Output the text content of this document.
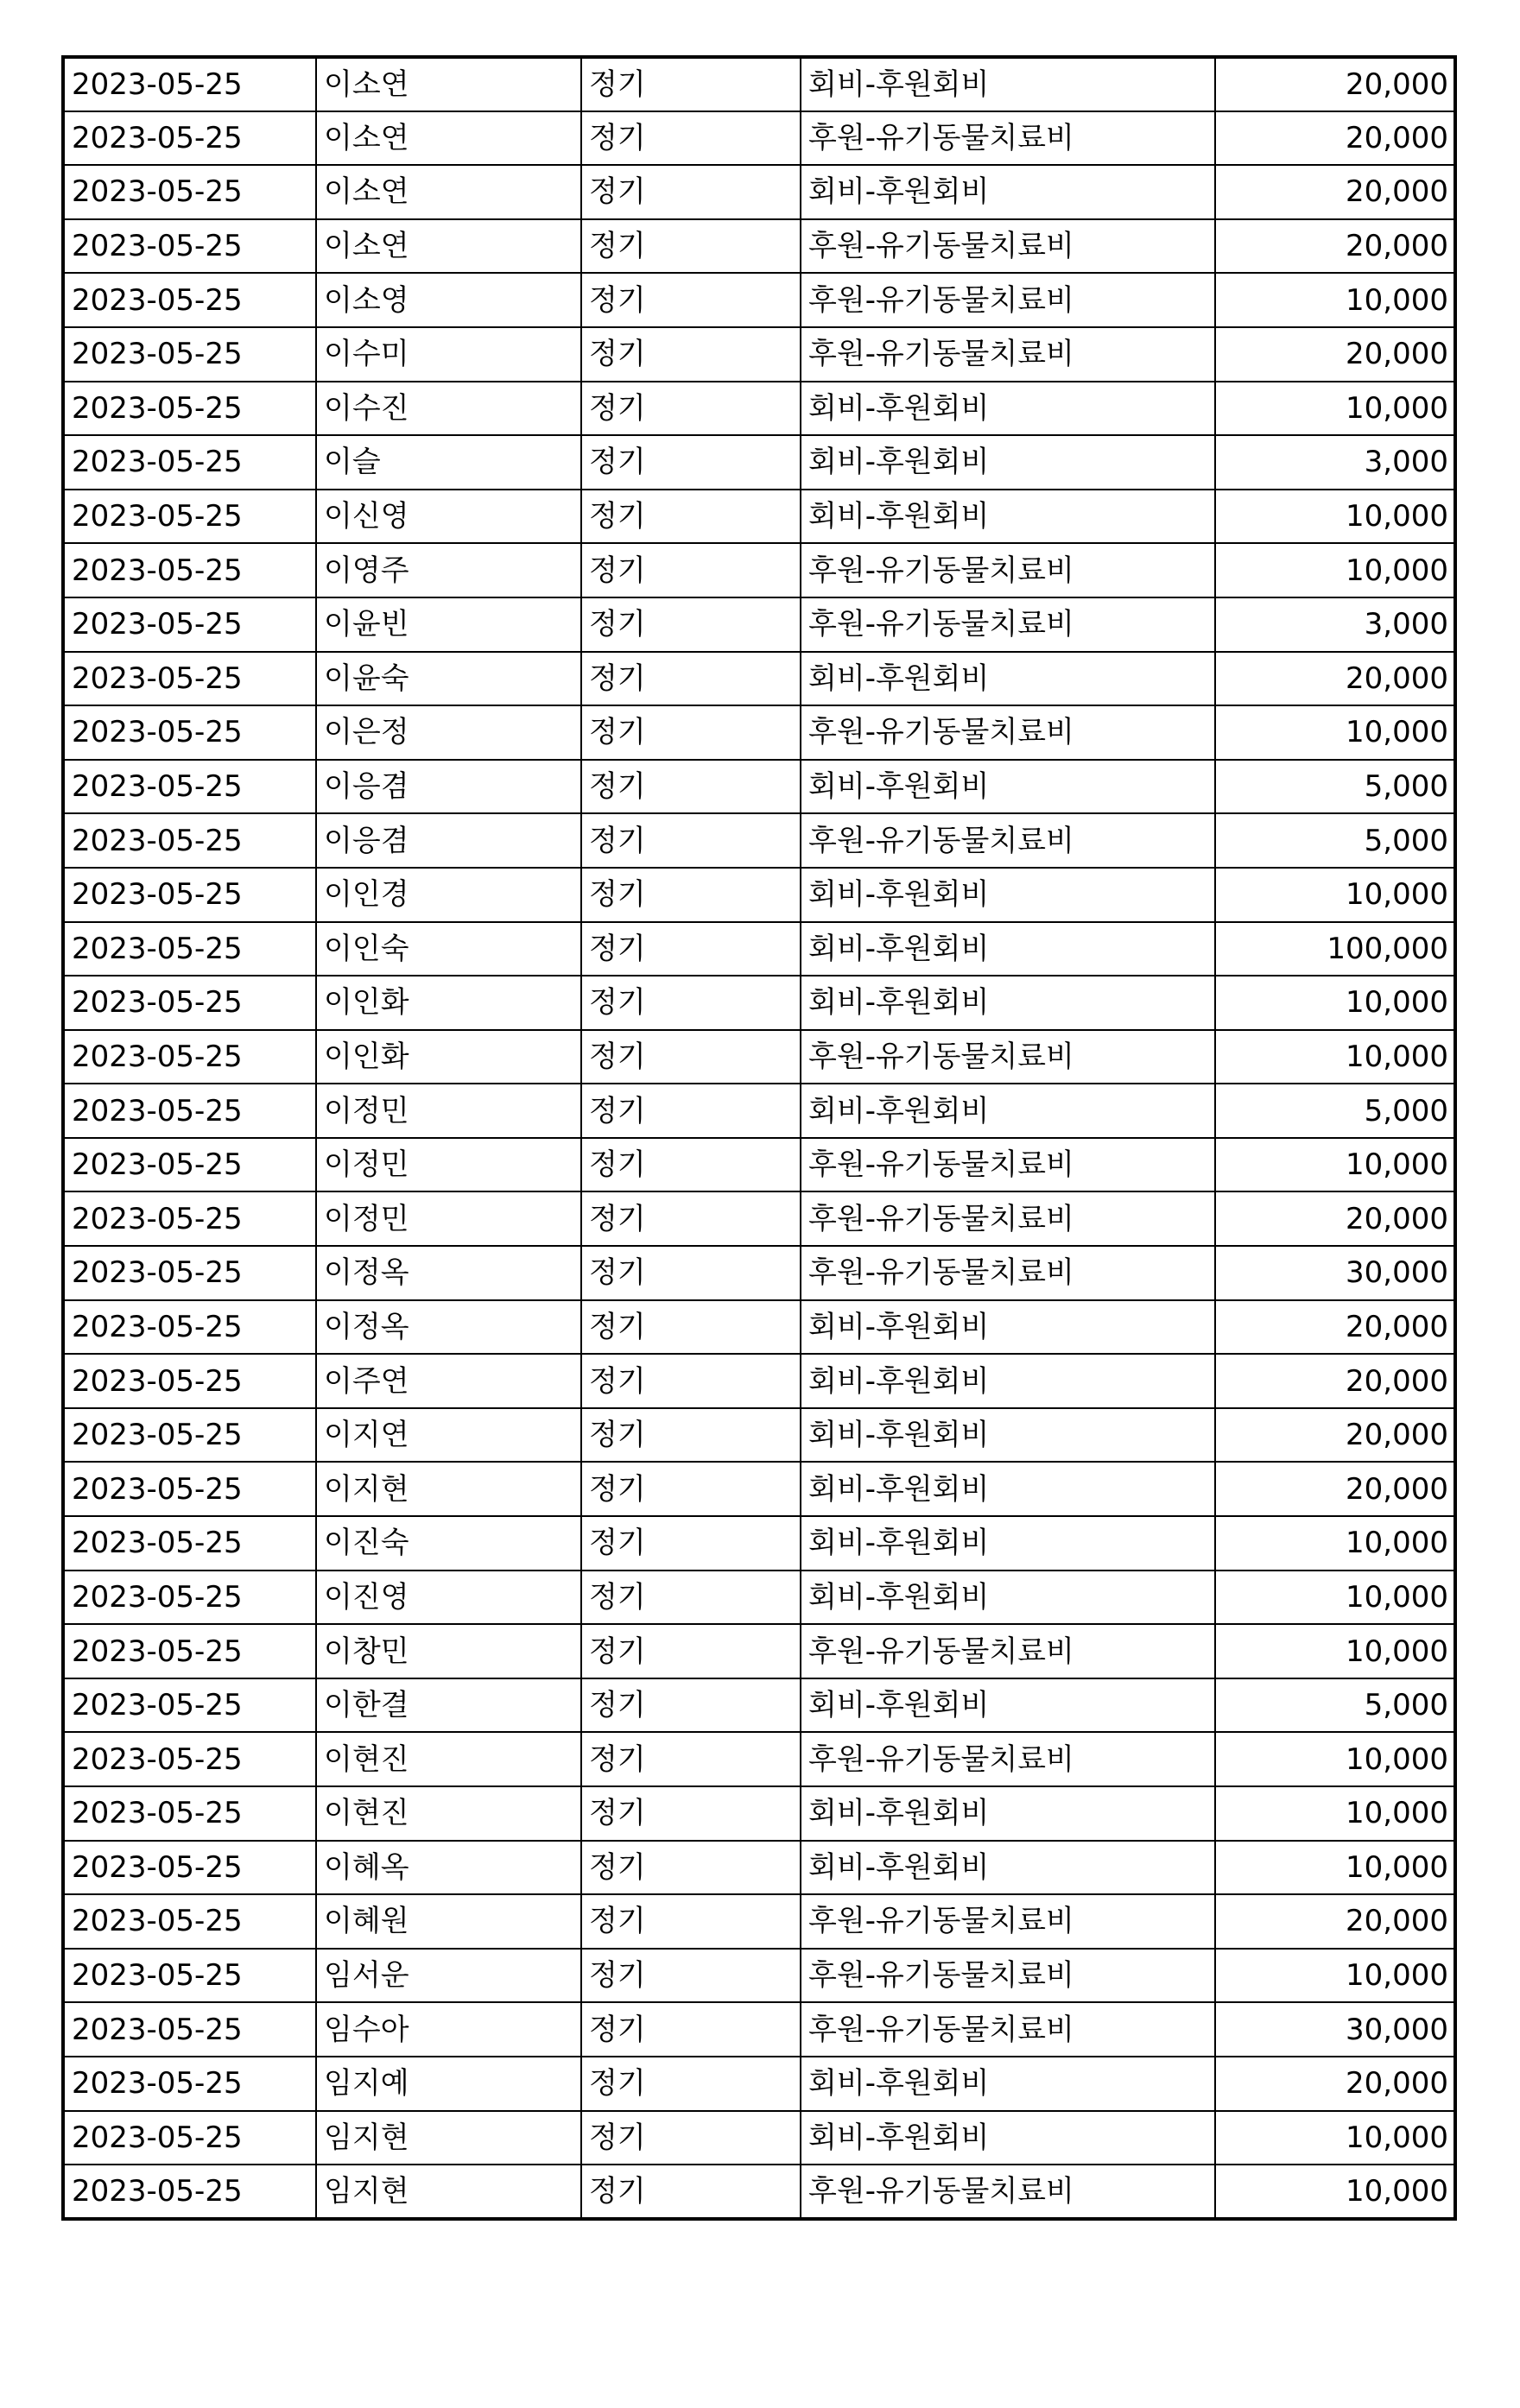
2023-05-25	이소연	정기	회비-후원회비	20,000
2023-05-25	이소연	정기	후원-유기동물치료비	20,000
2023-05-25	이소연	정기	회비-후원회비	20,000
2023-05-25	이소연	정기	후원-유기동물치료비	20,000
2023-05-25	이소영	정기	후원-유기동물치료비	10,000
2023-05-25	이수미	정기	후원-유기동물치료비	20,000
2023-05-25	이수진	정기	회비-후원회비	10,000
2023-05-25	이슬	정기	회비-후원회비	3,000
2023-05-25	이신영	정기	회비-후원회비	10,000
2023-05-25	이영주	정기	후원-유기동물치료비	10,000
2023-05-25	이윤빈	정기	후원-유기동물치료비	3,000
2023-05-25	이윤숙	정기	회비-후원회비	20,000
2023-05-25	이은정	정기	후원-유기동물치료비	10,000
2023-05-25	이응겸	정기	회비-후원회비	5,000
2023-05-25	이응겸	정기	후원-유기동물치료비	5,000
2023-05-25	이인경	정기	회비-후원회비	10,000
2023-05-25	이인숙	정기	회비-후원회비	100,000
2023-05-25	이인화	정기	회비-후원회비	10,000
2023-05-25	이인화	정기	후원-유기동물치료비	10,000
2023-05-25	이정민	정기	회비-후원회비	5,000
2023-05-25	이정민	정기	후원-유기동물치료비	10,000
2023-05-25	이정민	정기	후원-유기동물치료비	20,000
2023-05-25	이정옥	정기	후원-유기동물치료비	30,000
2023-05-25	이정옥	정기	회비-후원회비	20,000
2023-05-25	이주연	정기	회비-후원회비	20,000
2023-05-25	이지연	정기	회비-후원회비	20,000
2023-05-25	이지현	정기	회비-후원회비	20,000
2023-05-25	이진숙	정기	회비-후원회비	10,000
2023-05-25	이진영	정기	회비-후원회비	10,000
2023-05-25	이창민	정기	후원-유기동물치료비	10,000
2023-05-25	이한결	정기	회비-후원회비	5,000
2023-05-25	이현진	정기	후원-유기동물치료비	10,000
2023-05-25	이현진	정기	회비-후원회비	10,000
2023-05-25	이혜옥	정기	회비-후원회비	10,000
2023-05-25	이혜원	정기	후원-유기동물치료비	20,000
2023-05-25	임서운	정기	후원-유기동물치료비	10,000
2023-05-25	임수아	정기	후원-유기동물치료비	30,000
2023-05-25	임지예	정기	회비-후원회비	20,000
2023-05-25	임지현	정기	회비-후원회비	10,000
2023-05-25	임지현	정기	후원-유기동물치료비	10,000
